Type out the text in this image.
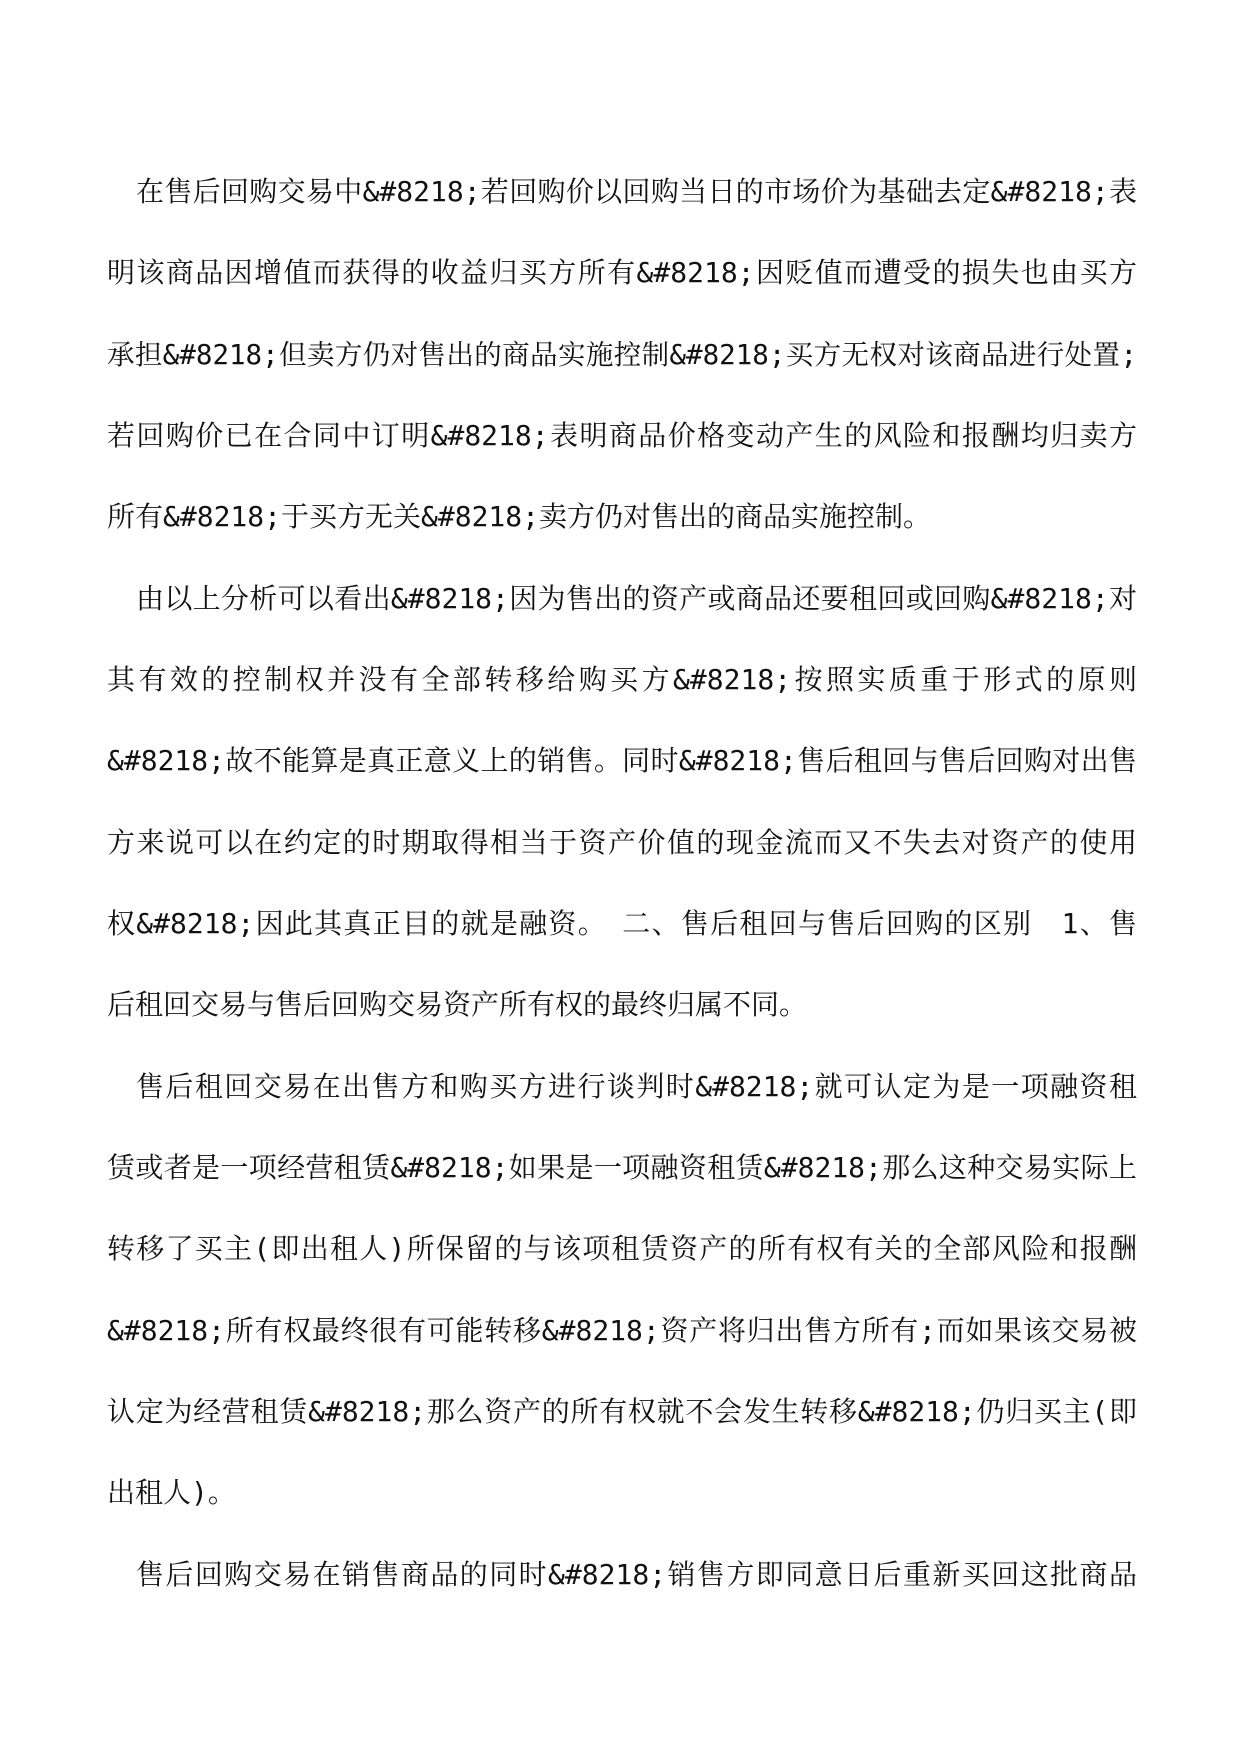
在售后回购交易中&#8218;若回购价以回购当日的市场价为基础去定&#8218;表
明该商品因增值而获得的收益归买方所有&#8218;因贬值而遭受的损失也由买方
承担&#8218;但卖方仍对售出的商品实施控制&#8218;买方无权对该商品进行处置;
若回购价已在合同中订明&#8218;表明商品价格变动产生的风险和报酬均归卖方
所有&#8218;于买方无关&#8218;卖方仍对售出的商品实施控制。
由以上分析可以看出&#8218;因为售出的资产或商品还要租回或回购&#8218;对
其有效的控制权并没有全部转移给购买方&#8218;按照实质重于形式的原则
&#8218;故不能算是真正意义上的销售。同时&#8218;售后租回与售后回购对出售
方来说可以在约定的时期取得相当于资产价值的现金流而又不失去对资产的使用
权&#8218;因此其真正目的就是融资。　二、售后租回与售后回购的区别　1、售
后租回交易与售后回购交易资产所有权的最终归属不同。
售后租回交易在出售方和购买方进行谈判时&#8218;就可认定为是一项融资租
赁或者是一项经营租赁&#8218;如果是一项融资租赁&#8218;那么这种交易实际上
转移了买主(即出租人)所保留的与该项租赁资产的所有权有关的全部风险和报酬
&#8218;所有权最终很有可能转移&#8218;资产将归出售方所有;而如果该交易被
认定为经营租赁&#8218;那么资产的所有权就不会发生转移&#8218;仍归买主(即
出租人)。
售后回购交易在销售商品的同时&#8218;销售方即同意日后重新买回这批商品
